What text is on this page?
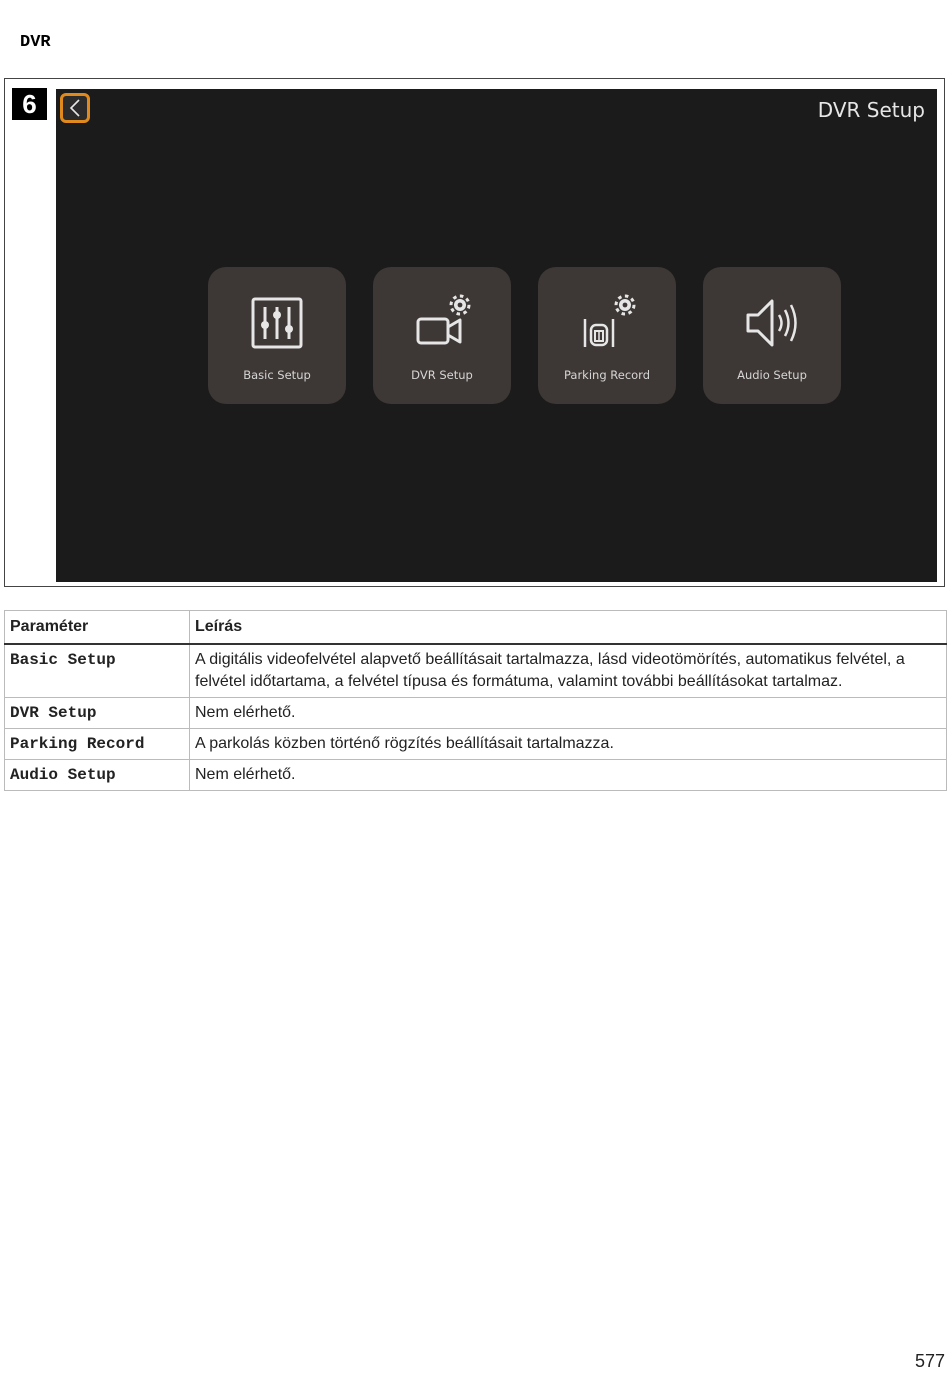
DVR
6	DVR Setup
Basic Setup	DVR Setup	Parking Record	Audio Setup
Paraméter	Leírás
Basic Setup	A digitális videofelvétel alapvető beállításait tartalmazza, lásd videotömörítés, automatikus felvétel, a felvétel időtartama, a felvétel típusa és formátuma, valamint további beállításokat tartalmaz.
DVR Setup	Nem elérhető.
Parking Record	A parkolás közben történő rögzítés beállításait tartalmazza.
Audio Setup	Nem elérhető.
577
